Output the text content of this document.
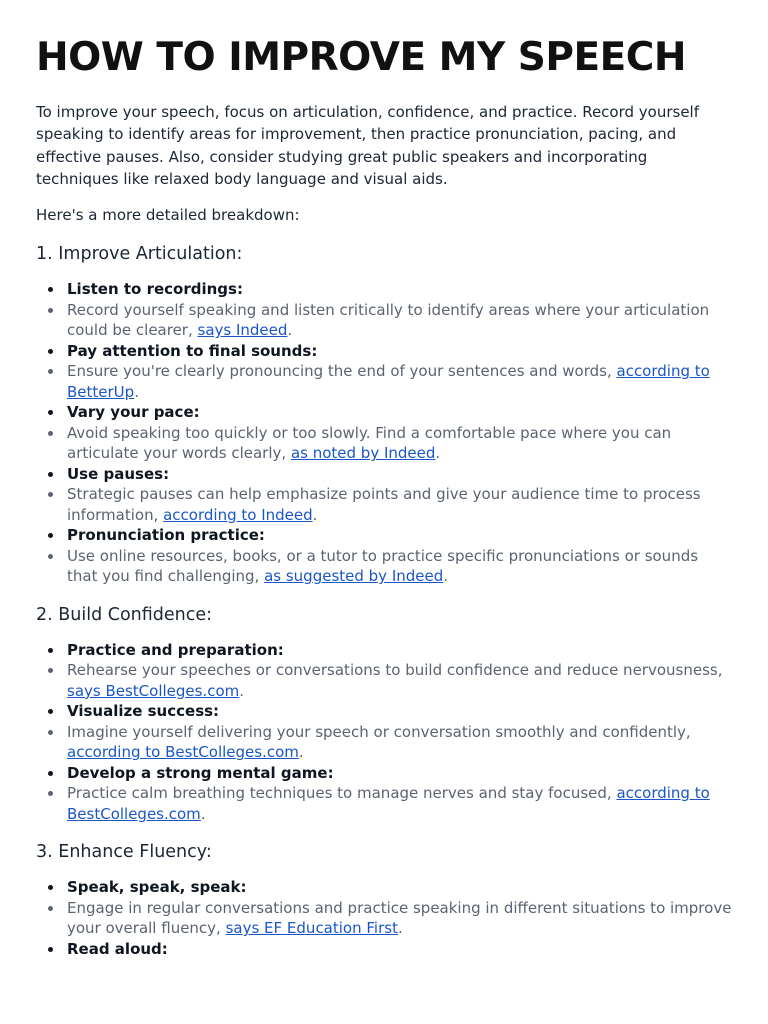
HOW TO IMPROVE MY SPEECH

To improve your speech, focus on articulation, confidence, and practice. Record yourself speaking to identify areas for improvement, then practice pronunciation, pacing, and effective pauses. Also, consider studying great public speakers and incorporating techniques like relaxed body language and visual aids.

Here's a more detailed breakdown:

1. Improve Articulation:
Listen to recordings:
Record yourself speaking and listen critically to identify areas where your articulation could be clearer, says Indeed.
Pay attention to final sounds:
Ensure you're clearly pronouncing the end of your sentences and words, according to BetterUp.
Vary your pace:
Avoid speaking too quickly or too slowly. Find a comfortable pace where you can articulate your words clearly, as noted by Indeed.
Use pauses:
Strategic pauses can help emphasize points and give your audience time to process information, according to Indeed.
Pronunciation practice:
Use online resources, books, or a tutor to practice specific pronunciations or sounds that you find challenging, as suggested by Indeed.
2. Build Confidence:
Practice and preparation:
Rehearse your speeches or conversations to build confidence and reduce nervousness, says BestColleges.com.
Visualize success:
Imagine yourself delivering your speech or conversation smoothly and confidently, according to BestColleges.com.
Develop a strong mental game:
Practice calm breathing techniques to manage nerves and stay focused, according to BestColleges.com.
3. Enhance Fluency:
Speak, speak, speak:
Engage in regular conversations and practice speaking in different situations to improve your overall fluency, says EF Education First.
Read aloud:
